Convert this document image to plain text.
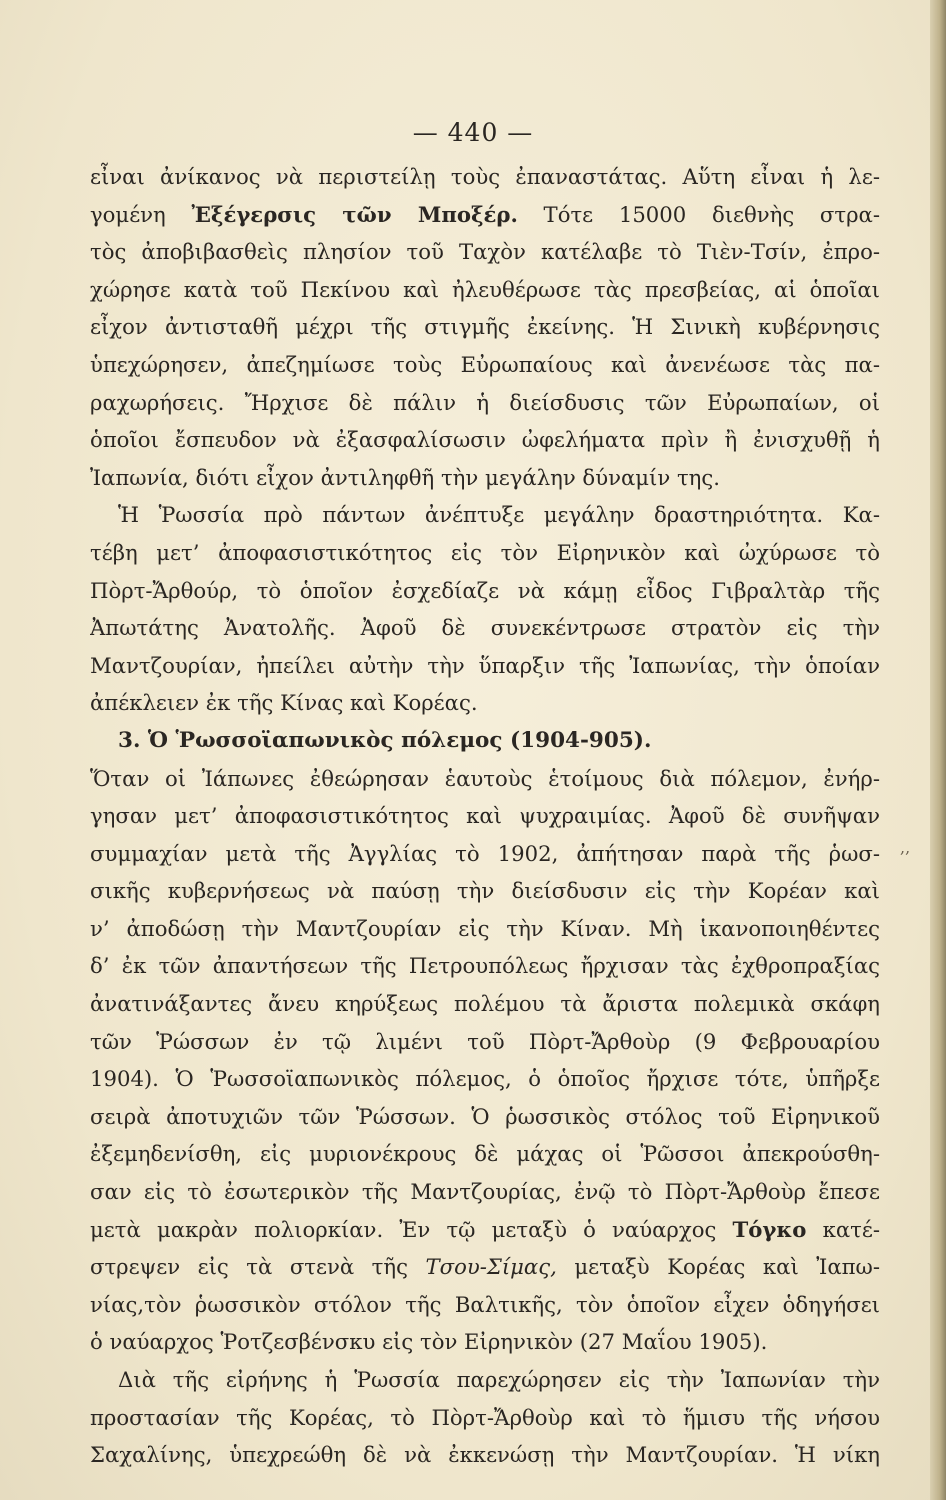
— 440 —
εἶναι ἀνίκανος νὰ περιστείλῃ τοὺς ἐπαναστάτας. Αὕτη εἶναι ἡ λε-
γομένη Ἐξέγερσις τῶν Μποξέρ. Τότε 15000 διεθνὴς στρα-
τὸς ἀποβιβασθεὶς πλησίον τοῦ Ταχὸν κατέλαβε τὸ Τιὲν-Τσίν, ἐπρο-
χώρησε κατὰ τοῦ Πεκίνου καὶ ἠλευθέρωσε τὰς πρεσβείας, αἱ ὁποῖαι
εἶχον ἀντισταθῆ μέχρι τῆς στιγμῆς ἐκείνης. Ἡ Σινικὴ κυβέρνησις
ὑπεχώρησεν, ἀπεζημίωσε τοὺς Εὐρωπαίους καὶ ἀνενέωσε τὰς πα-
ραχωρήσεις. Ἤρχισε δὲ πάλιν ἡ διείσδυσις τῶν Εὐρωπαίων, οἱ
ὁποῖοι ἔσπευδον νὰ ἐξασφαλίσωσιν ὠφελήματα πρὶν ἢ ἐνισχυθῇ ἡ
Ἰαπωνία, διότι εἶχον ἀντιληφθῆ τὴν μεγάλην δύναμίν της.
Ἡ Ῥωσσία πρὸ πάντων ἀνέπτυξε μεγάλην δραστηριότητα. Κα-
τέβη μετ’ ἀποφασιστικότητος εἰς τὸν Εἰρηνικὸν καὶ ὠχύρωσε τὸ
Πὸρτ-Ἄρθούρ, τὸ ὁποῖον ἐσχεδίαζε νὰ κάμῃ εἶδος Γιβραλτὰρ τῆς
Ἀπωτάτης Ἀνατολῆς. Ἀφοῦ δὲ συνεκέντρωσε στρατὸν εἰς τὴν
Μαντζουρίαν, ἠπείλει αὐτὴν τὴν ὕπαρξιν τῆς Ἰαπωνίας, τὴν ὁποίαν
ἀπέκλειεν ἐκ τῆς Κίνας καὶ Κορέας.
3. Ὁ Ῥωσσοϊαπωνικὸς πόλεμος (1904-905).
Ὅταν οἱ Ἰάπωνες ἐθεώρησαν ἑαυτοὺς ἑτοίμους διὰ πόλεμον, ἐνήρ-
γησαν μετ’ ἀποφασιστικότητος καὶ ψυχραιμίας. Ἀφοῦ δὲ συνῆψαν
συμμαχίαν μετὰ τῆς Ἀγγλίας τὸ 1902, ἀπήτησαν παρὰ τῆς ῥωσ-
σικῆς κυβερνήσεως νὰ παύσῃ τὴν διείσδυσιν εἰς τὴν Κορέαν καὶ
ν’ ἀποδώσῃ τὴν Μαντζουρίαν εἰς τὴν Κίναν. Μὴ ἱκανοποιηθέντες
δ’ ἐκ τῶν ἀπαντήσεων τῆς Πετρουπόλεως ἤρχισαν τὰς ἐχθροπραξίας
ἀνατινάξαντες ἄνευ κηρύξεως πολέμου τὰ ἄριστα πολεμικὰ σκάφη
τῶν Ῥώσσων ἐν τῷ λιμένι τοῦ Πὸρτ-Ἄρθοὺρ (9 Φεβρουαρίου
1904). Ὁ Ῥωσσοϊαπωνικὸς πόλεμος, ὁ ὁποῖος ἤρχισε τότε, ὑπῆρξε
σειρὰ ἀποτυχιῶν τῶν Ῥώσσων. Ὁ ῥωσσικὸς στόλος τοῦ Εἰρηνικοῦ
ἐξεμηδενίσθη, εἰς μυριονέκρους δὲ μάχας οἱ Ῥῶσσοι ἀπεκρούσθη-
σαν εἰς τὸ ἐσωτερικὸν τῆς Μαντζουρίας, ἐνῷ τὸ Πὸρτ-Ἄρθοὺρ ἔπεσε
μετὰ μακρὰν πολιορκίαν. Ἐν τῷ μεταξὺ ὁ ναύαρχος Τόγκο κατέ-
στρεψεν εἰς τὰ στενὰ τῆς Τσου-Σίμας, μεταξὺ Κορέας καὶ Ἰαπω-
νίας,τὸν ῥωσσικὸν στόλον τῆς Βαλτικῆς, τὸν ὁποῖον εἶχεν ὁδηγήσει
ὁ ναύαρχος Ῥοτζεσβένσκυ εἰς τὸν Εἰρηνικὸν (27 Μαΐου 1905).
Διὰ τῆς εἰρήνης ἡ Ῥωσσία παρεχώρησεν εἰς τὴν Ἰαπωνίαν τὴν
προστασίαν τῆς Κορέας, τὸ Πὸρτ-Ἄρθοὺρ καὶ τὸ ἥμισυ τῆς νήσου
Σαχαλίνης, ὑπεχρεώθη δὲ νὰ ἐκκενώσῃ τὴν Μαντζουρίαν. Ἡ νίκη
,,
